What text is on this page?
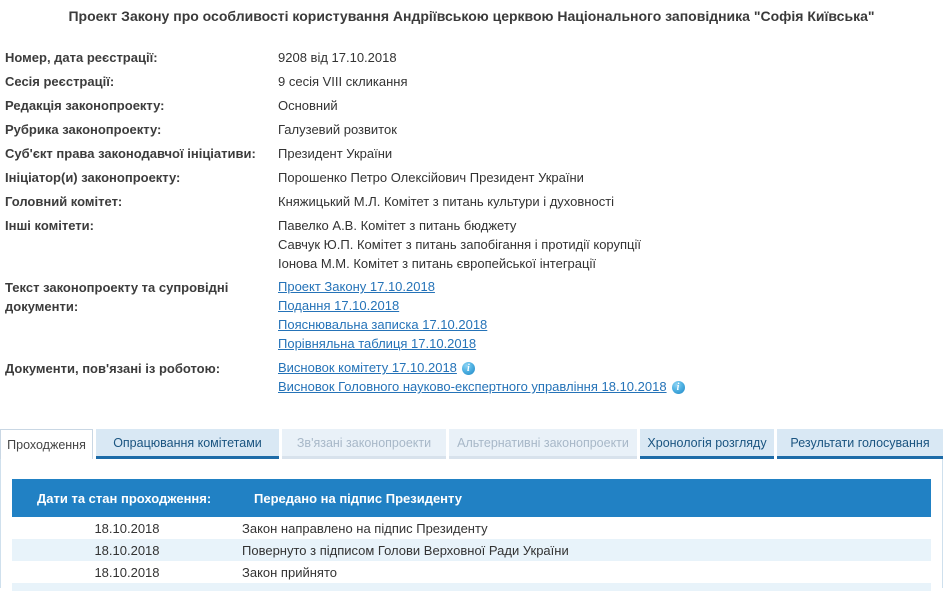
Проект Закону про особливості користування Андріївською церквою Національного заповідника "Софія Київська"
Номер, дата реєстрації:	9208 від 17.10.2018
Сесія реєстрації:	9 сесія VIII скликання
Редакція законопроекту:	Основний
Рубрика законопроекту:	Галузевий розвиток
Суб'єкт права законодавчої ініціативи:	Президент України
Ініціатор(и) законопроекту:	Порошенко Петро Олексійович Президент України
Головний комітет:	Княжицький М.Л. Комітет з питань культури і духовності
Інші комітети:	Павелко А.В. Комітет з питань бюджету
Савчук Ю.П. Комітет з питань запобігання і протидії корупції
Іонова М.М. Комітет з питань європейської інтеграції
Текст законопроекту та супровідні документи:
Проект Закону 17.10.2018
Подання 17.10.2018
Пояснювальна записка 17.10.2018
Порівняльна таблиця 17.10.2018
Документи, пов'язані із роботою:	Висновок комітету 17.10.2018 i
Висновок Головного науково-експертного управління 18.10.2018 i
Проходження	Опрацювання комітетами	Зв'язані законопроекти	Альтернативні законопроекти	Хронологія розгляду	Результати голосування
Дати та стан проходження:	Передано на підпис Президенту
18.10.2018	Закон направлено на підпис Президенту
18.10.2018	Повернуто з підписом Голови Верховної Ради України
18.10.2018	Закон прийнято
